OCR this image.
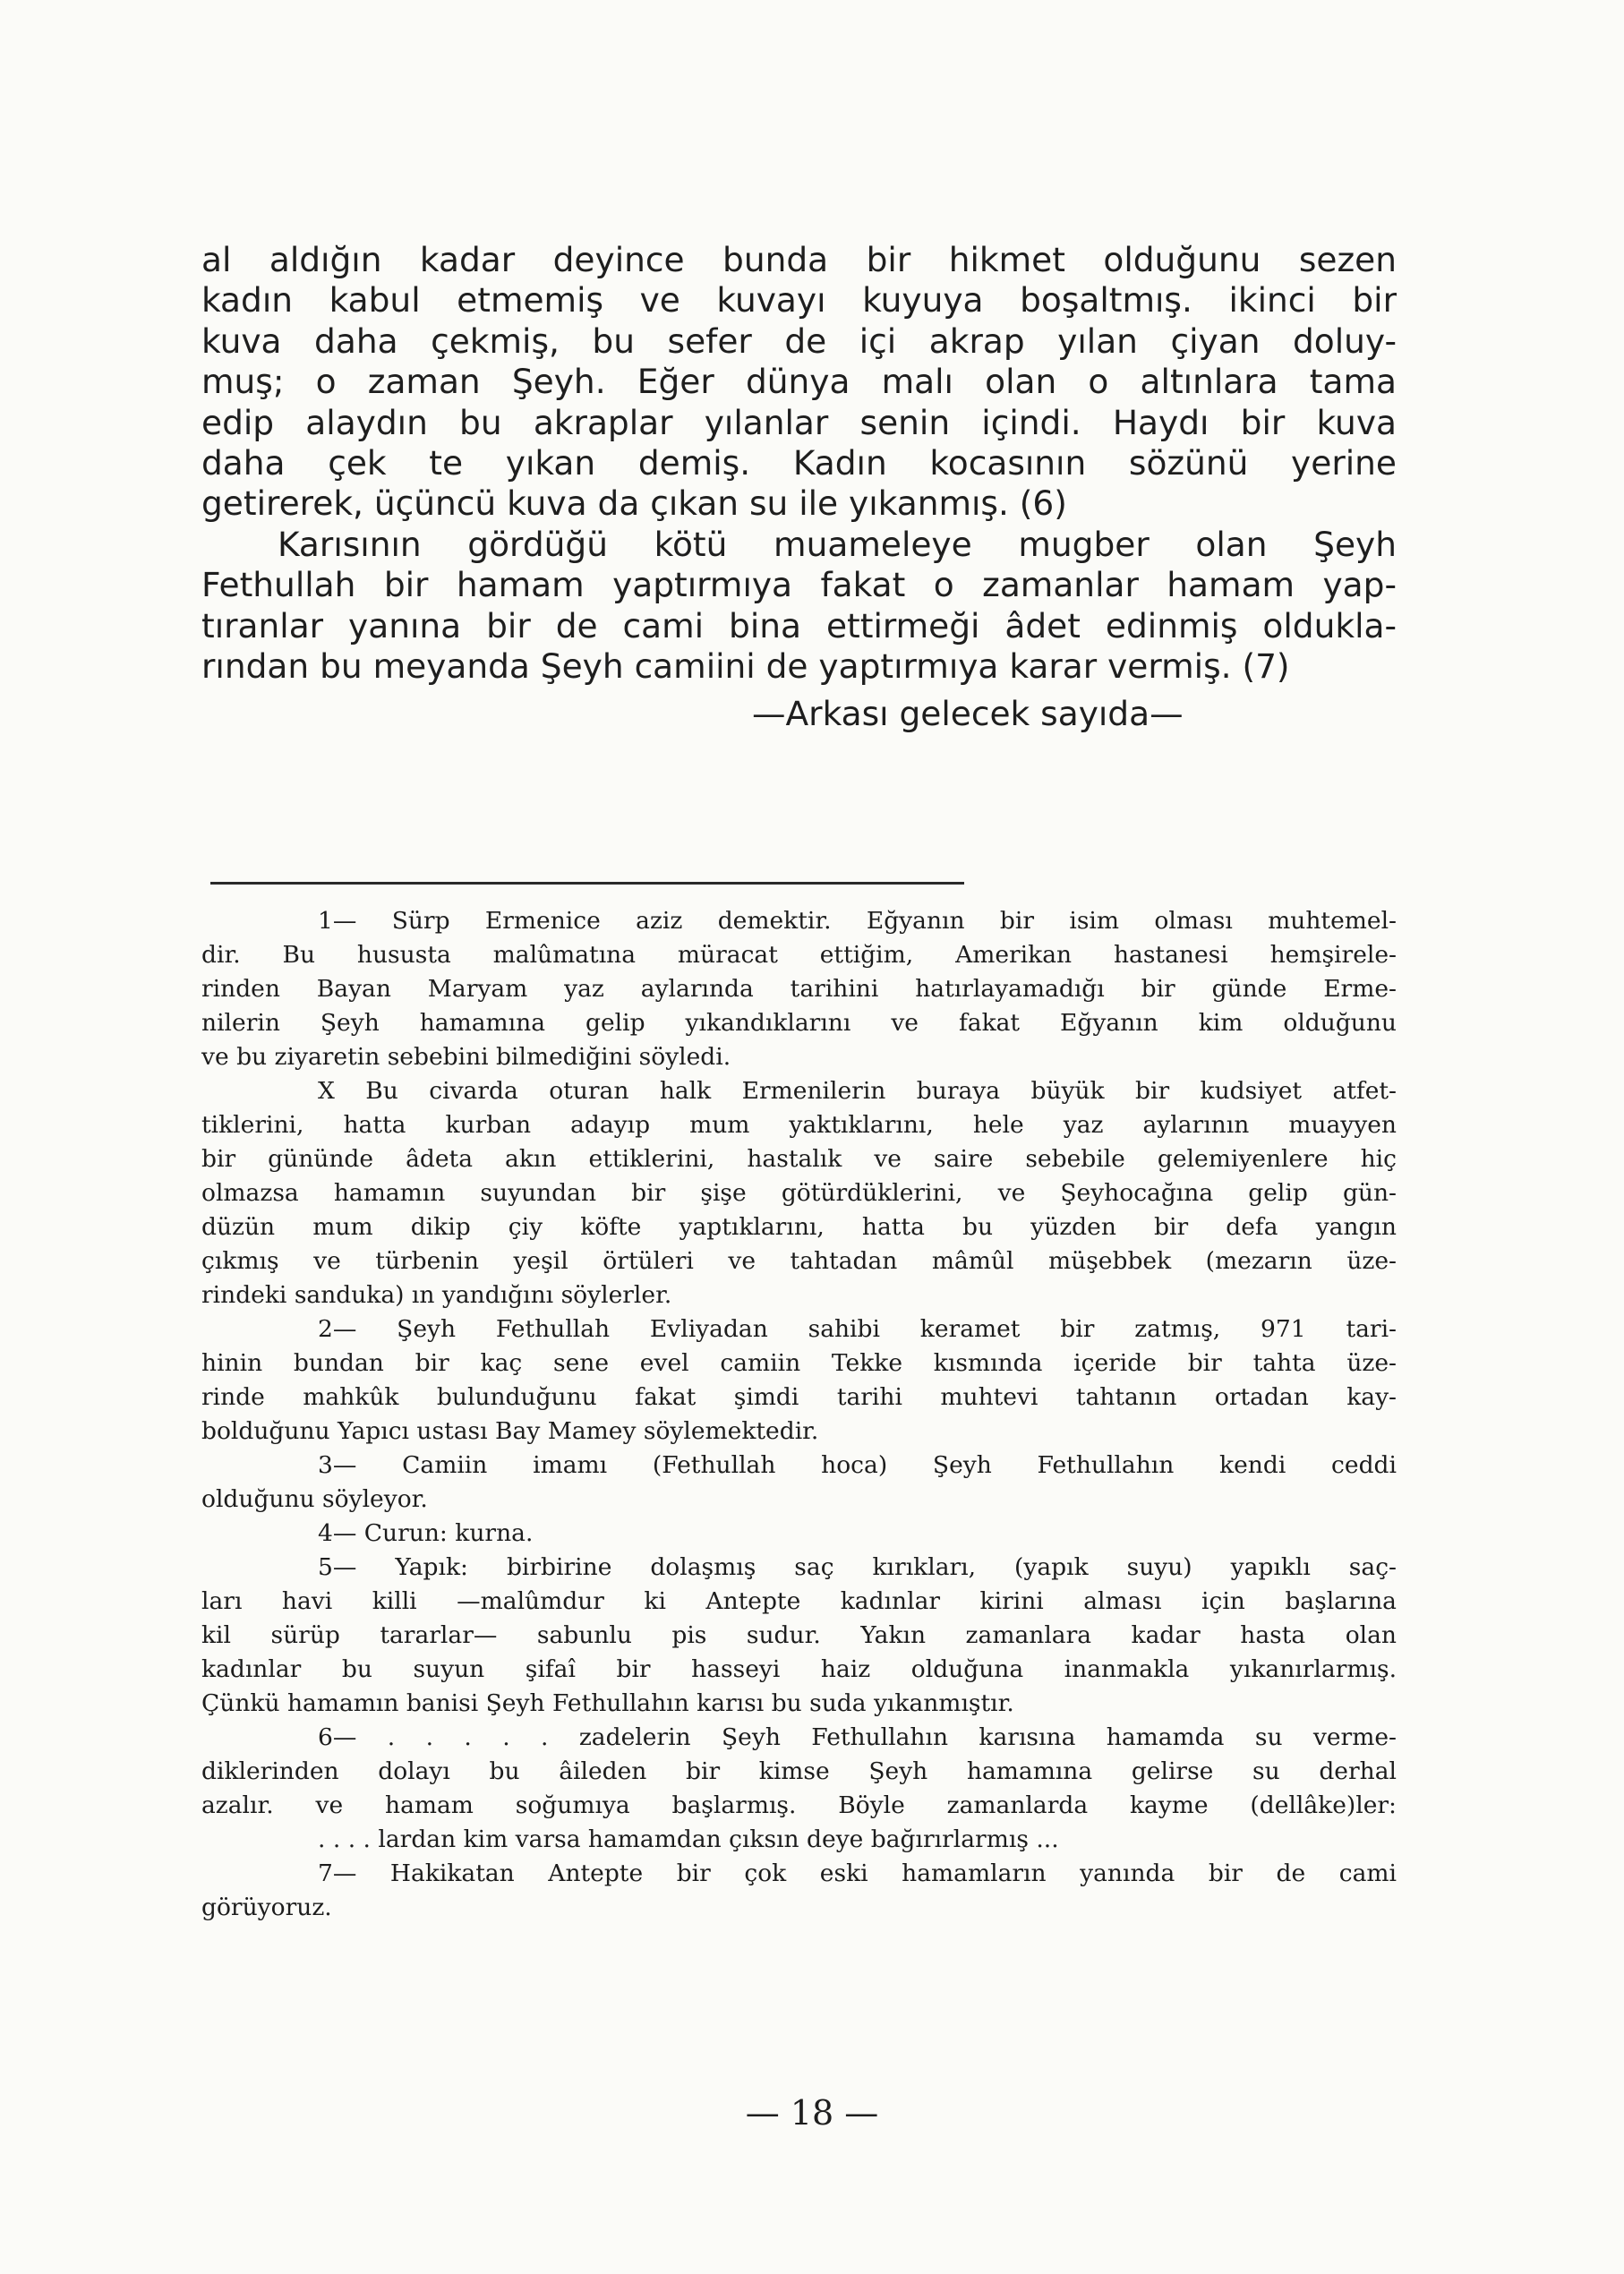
al aldığın kadar deyince bunda bir hikmet olduğunu sezen
kadın kabul etmemiş ve kuvayı kuyuya boşaltmış. ikinci bir
kuva daha çekmiş, bu sefer de içi akrap yılan çiyan doluy-
muş; o zaman Şeyh. Eğer dünya malı olan o altınlara tama
edip alaydın bu akraplar yılanlar senin içindi. Haydı bir kuva
daha çek te yıkan demiş. Kadın kocasının sözünü yerine
getirerek, üçüncü kuva da çıkan su ile yıkanmış. (6)
Karısının gördüğü kötü muameleye mugber olan Şeyh
Fethullah bir hamam yaptırmıya fakat o zamanlar hamam yap-
tıranlar yanına bir de cami bina ettirmeği âdet edinmiş oldukla-
rından bu meyanda Şeyh camiini de yaptırmıya karar vermiş. (7)
—Arkası gelecek sayıda—
1— Sürp Ermenice aziz demektir. Eğyanın bir isim olması muhtemel-
dir. Bu hususta malûmatına müracat ettiğim, Amerikan hastanesi hemşirele-
rinden Bayan Maryam yaz aylarında tarihini hatırlayamadığı bir günde Erme-
nilerin Şeyh hamamına gelip yıkandıklarını ve fakat Eğyanın kim olduğunu
ve bu ziyaretin sebebini bilmediğini söyledi.
X Bu civarda oturan halk Ermenilerin buraya büyük bir kudsiyet atfet-
tiklerini, hatta kurban adayıp mum yaktıklarını, hele yaz aylarının muayyen
bir gününde âdeta akın ettiklerini, hastalık ve saire sebebile gelemiyenlere hiç
olmazsa hamamın suyundan bir şişe götürdüklerini, ve Şeyhocağına gelip gün-
düzün mum dikip çiy köfte yaptıklarını, hatta bu yüzden bir defa yangın
çıkmış ve türbenin yeşil örtüleri ve tahtadan mâmûl müşebbek (mezarın üze-
rindeki sanduka) ın yandığını söylerler.
2— Şeyh Fethullah Evliyadan sahibi keramet bir zatmış, 971 tari-
hinin bundan bir kaç sene evel camiin Tekke kısmında içeride bir tahta üze-
rinde mahkûk bulunduğunu fakat şimdi tarihi muhtevi tahtanın ortadan kay-
bolduğunu Yapıcı ustası Bay Mamey söylemektedir.
3— Camiin imamı (Fethullah hoca) Şeyh Fethullahın kendi ceddi
olduğunu söyleyor.
4— Curun: kurna.
5— Yapık: birbirine dolaşmış saç kırıkları, (yapık suyu) yapıklı saç-
ları havi killi —malûmdur ki Antepte kadınlar kirini alması için başlarına
kil sürüp tararlar— sabunlu pis sudur. Yakın zamanlara kadar hasta olan
kadınlar bu suyun şifaî bir hasseyi haiz olduğuna inanmakla yıkanırlarmış.
Çünkü hamamın banisi Şeyh Fethullahın karısı bu suda yıkanmıştır.
6— . . . . . zadelerin Şeyh Fethullahın karısına hamamda su verme-
diklerinden dolayı bu âileden bir kimse Şeyh hamamına gelirse su derhal
azalır. ve hamam soğumıya başlarmış. Böyle zamanlarda kayme (dellâke)ler:
. . . . lardan kim varsa hamamdan çıksın deye bağırırlarmış ...
7— Hakikatan Antepte bir çok eski hamamların yanında bir de cami
görüyoruz.
— 18 —
